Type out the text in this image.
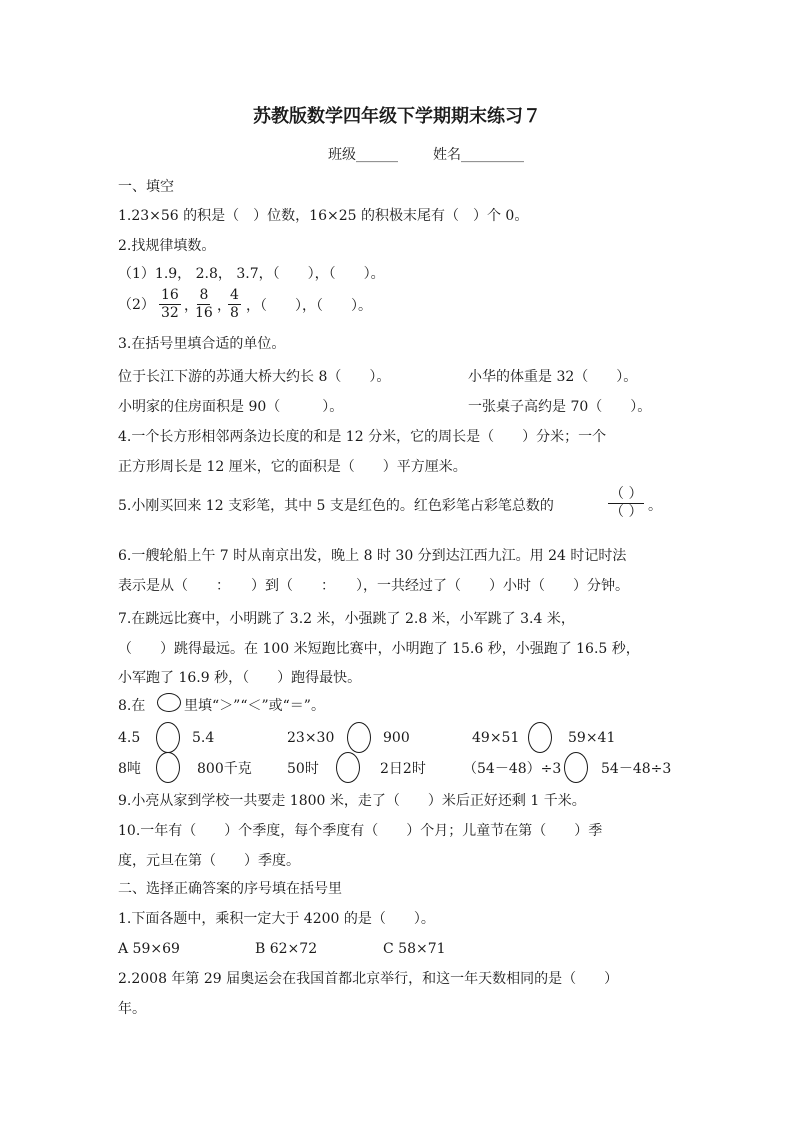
苏教版数学四年级下学期期末练习７
班级______	姓名_________
一、填空
1.23×56 的积是（　）位数，16×25 的积极末尾有（　）个 0。
2.找规律填数。
（1）1.9， 2.8， 3.7，（　　），（　　）。
$(2) \frac{16}{32}$ ，
$\frac{8}{16}$ ，
$\frac{4}{8}$ ，（　　），（　　）。
3.在括号里填合适的单位。
位于长江下游的苏通大桥大约长 8（　　）。	小华的体重是 32（　　）。
小明家的住房面积是 90（　　　）。	一张桌子高约是 70（　　）。
4.一个长方形相邻两条边长度的和是 12 分米，它的周长是（　　）分米；一个
正方形周长是 12 厘米，它的面积是（　　）平方厘米。
5.小刚买回来 12 支彩笔，其中 5 支是红色的。红色彩笔占彩笔总数的
（ ）
（ ） 。
6.一艘轮船上午 7 时从南京出发，晚上 8 时 30 分到达江西九江。用 24 时记时法
表示是从（　　：　　）到（　　：　　），一共经过了（　　）小时（　　）分钟。
7.在跳远比赛中，小明跳了 3.2 米，小强跳了 2.8 米，小军跳了 3.4 米，
（　　）跳得最远。在 100 米短跑比赛中，小明跑了 15.6 秒，小强跑了 16.5 秒，
小军跑了 16.9 秒，（　　）跑得最快。
8.在	里填“＞”“＜”或“＝”。
4.5	5.4	23×30	900	49×51	59×41
8吨	800千克	50时	2日2时	（54－48）÷3	54－48÷3
9.小亮从家到学校一共要走 1800 米，走了（　　）米后正好还剩 1 千米。
10.一年有（　　）个季度，每个季度有（　　）个月；儿童节在第（　　）季
度，元旦在第（　　）季度。
二、选择正确答案的序号填在括号里
1.下面各题中，乘积一定大于 4200 的是（　　）。
A 59×69	B 62×72	C 58×71
2.2008 年第 29 届奥运会在我国首都北京举行，和这一年天数相同的是（　　）
年。
